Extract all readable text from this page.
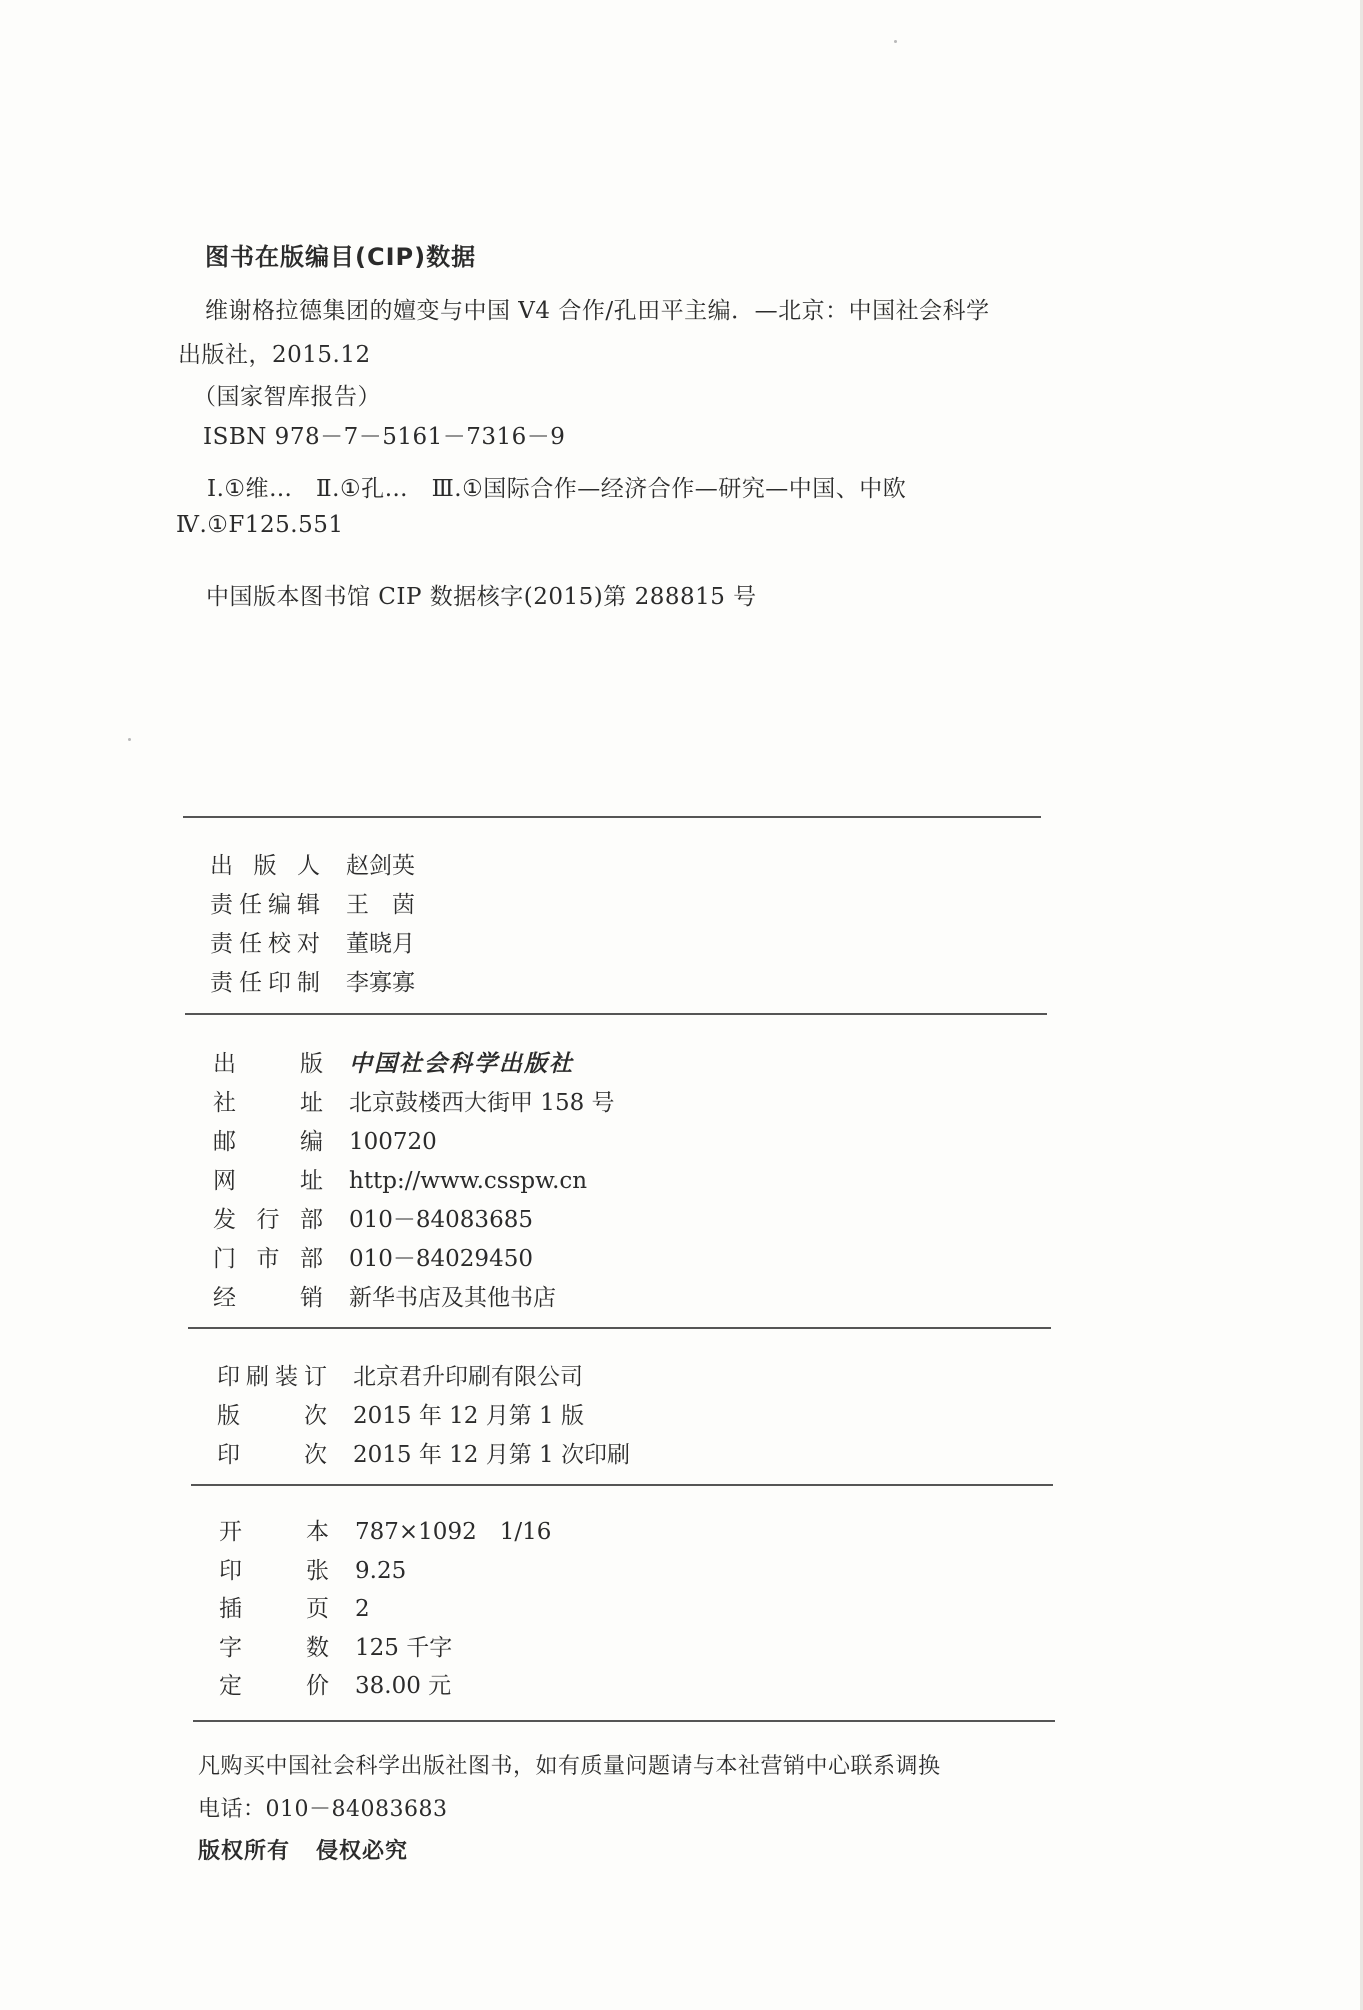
图书在版编目(CIP)数据
维谢格拉德集团的嬗变与中国 V4 合作/孔田平主编．—北京：中国社会科学
出版社，2015.12
（国家智库报告）
ISBN 978－7－5161－7316－9
Ⅰ.①维…　Ⅱ.①孔…　Ⅲ.①国际合作—经济合作—研究—中国、中欧
Ⅳ.①F125.551
中国版本图书馆 CIP 数据核字(2015)第 288815 号
出 版 人 赵剑英
责 任 编 辑 王　茵
责 任 校 对 董晓月
责 任 印 制 李寡寡
出	版 中国社会科学出版社
社	址 北京鼓楼西大街甲 158 号
邮	编 100720
网	址 http://www.csspw.cn
发 行 部 010－84083685
门 市 部 010－84029450
经	销 新华书店及其他书店
印 刷 装 订 北京君升印刷有限公司
版	次 2015 年 12 月第 1 版
印	次 2015 年 12 月第 1 次印刷
开	本 787×1092　1/16
印	张 9.25
插	页 2
字	数 125 千字
定	价 38.00 元
凡购买中国社会科学出版社图书，如有质量问题请与本社营销中心联系调换
电话：010－84083683
版权所有 侵权必究
